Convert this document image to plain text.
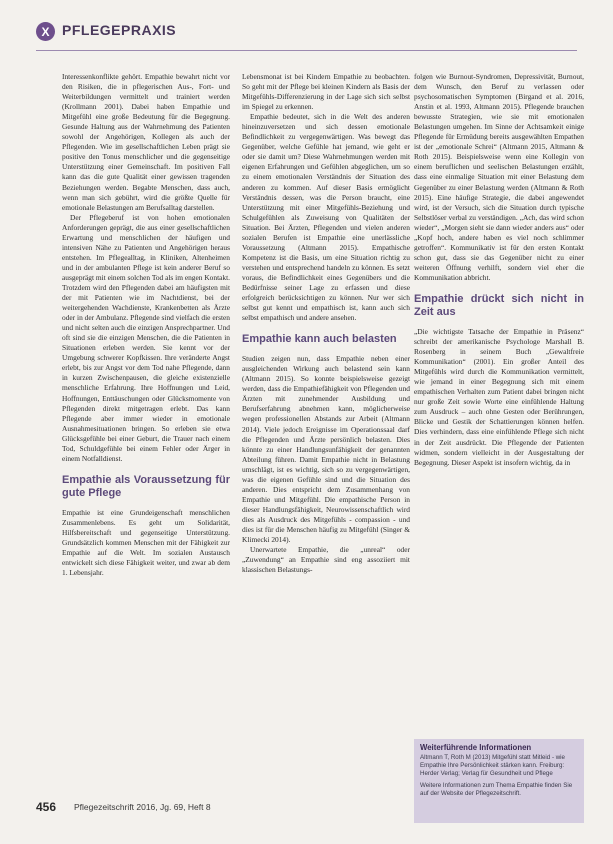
X PFLEGEPRAXIS

Interessenkonflikte gehört. Empathie bewahrt nicht vor den Risiken, die in pflegerischen Aus-, Fort- und Weiterbildungen vermittelt und trainiert werden (Krollmann 2001). Dabei haben Empathie und Mitgefühl eine große Bedeutung für die Begegnung. Gesunde Haltung aus der Wahrnehmung des Patienten sowohl der Angehörigen, Kollegen als auch der Pflegenden. Wie im gesellschaftlichen Leben prägt sie positive den Tonus menschlicher und die gegenseitige Unterstützung einer Gemeinschaft. Im positiven Fall kann das die gute Qualität einer gewissen tragenden Beziehungen werden. Begabte Menschen, dass auch, wenn man sich gebührt, wird die größte Quelle für emotionale Belastungen am Berufsalltag darstellen.

Der Pflegeberuf ist von hohen emotionalen Anforderungen geprägt, die aus einer gesellschaftlichen Erwartung und menschlichen der häufigen und intensiven Nähe zu Patienten und Angehörigen heraus entstehen. Im Pflegealltag, in Kliniken, Altenheimen und in der ambulanten Pflege ist kein anderer Beruf so ausgeprägt mit einem solchen Tod als im engen Kontakt. Trotzdem wird den Pflegenden dabei am häufigsten mit der mit Patienten wie im Nachtdienst, bei der weitergehenden Wachdienste, Krankenbetten als Ärzte oder in der Ambulanz. Pflegende sind vielfach die ersten und nicht selten auch die einzigen Ansprechpartner. Und oft sind sie die einzigen Menschen, die die Patienten in Situationen erleben werden. Sie kennt vor der Umgebung schwerer Kopfkissen. Ihre veränderte Angst erlebt, bis zur Angst vor dem Tod nahe Pflegende, dann in kurzen Zwischenpausen, die gleiche existenzielle menschliche Erfahrung. Ihre Hoffnungen und Leid, Hoffnungen, Enttäuschungen oder Glücksmomente von Pflegenden direkt mitgetragen erlebt. Das kann Pflegende aber immer wieder in emotionale Ausnahmesituationen bringen. So erleben sie etwa Glücksgefühle bei einer Geburt, die Trauer nach einem Tod, Schuldgefühle bei einem Fehler oder Ärger in einem Notfalldienst.

Empathie als Voraussetzung für gute Pflege

Empathie ist eine Grundeigenschaft menschlichen Zusammenlebens. Es geht um Solidarität, Hilfsbereitschaft und gegenseitige Unterstützung. Grundsätzlich kommen Menschen mit der Fähigkeit zur Empathie auf die Welt. Im sozialen Austausch entwickelt sich diese Fähigkeit weiter, und zwar ab dem 1. Lebensjahr.

Lebensmonat ist bei Kindern Empathie zu beobachten. So geht mit der Pflege bei kleinen Kindern als Basis der Mitgefühls-Differenzierung in der Lage sich sich selbst im Spiegel zu erkennen.

Empathie bedeutet, sich in die Welt des anderen hineinzuversetzen und sich dessen emotionale Befindlichkeit zu vergegenwärtigen. Was bewegt das Gegenüber, welche Gefühle hat jemand, wie geht er oder sie damit um? Diese Wahrnehmungen werden mit eigenen Erfahrungen und Gefühlen abgeglichen, um so zu einem emotionalen Verständnis der Situation des anderen zu kommen. Auf dieser Basis ermöglicht Verständnis dessen, was die Person braucht, eine Unterstützung mit einer Mitgefühls-Beziehung und Schulgefühlen als Zuweisung von Qualitäten der Situation. Bei Ärzten, Pflegenden und vielen anderen sozialen Berufen ist Empathie eine unerlässliche Voraussetzung (Altmann 2015). Empathische Kompetenz ist die Basis, um eine Situation richtig zu verstehen und entsprechend handeln zu können. Es setzt voraus, die Befindlichkeit eines Gegenübers und die Bedürfnisse seiner Lage zu erfassen und diese erfolgreich berücksichtigen zu können. Nur wer sich selbst gut kennt und empathisch ist, kann auch sich selbst empathisch und andere ansehen.

Empathie kann auch belasten

Studien zeigen nun, dass Empathie neben einer ausgleichenden Wirkung auch belastend sein kann (Altmann 2015). So konnte beispielsweise gezeigt werden, dass die Empathiefähigkeit von Pflegenden und Ärzten mit zunehmender Ausbildung und Berufserfahrung abnehmen kann, möglicherweise wegen professionellen Abstands zur Arbeit (Altmann 2014). Viele jedoch Ereignisse im Operationssaal darf die Pflegenden und Ärzte persönlich belasten. Dies könnte zu einer Handlungsunfähigkeit der genannten Abteilung führen. Damit Empathie nicht in Belastung umschlägt, ist es wichtig, sich so zu vergegenwärtigen, was die eigenen Gefühle sind und die Situation des anderen. Dies entspricht dem Zusammenhang von Empathie und Mitgefühl. Die empathische Person in dieser Handlungsfähigkeit, Neurowissenschaftlich wird dies als Ausdruck des Mitgefühls - compassion - und dies ist für die Menschen häufig zu Mitgefühl (Singer & Klimecki 2014).

Unerwartete Empathie, die „unreal“ oder „Zuwendung“ an Empathie sind eng assoziiert mit klassischen Belastungs-

folgen wie Burnout-Syndromen, Depressivität, Burnout, dem Wunsch, den Beruf zu verlassen oder psychosomatischen Symptomen (Birgand et al. 2016, Anstin et al. 1993, Altmann 2015). Pflegende brauchen bewusste Strategien, wie sie mit emotionalen Belastungen umgehen. Im Sinne der Achtsamkeit einige Pflegende für Ermüdung bereits ausgewählten Empathen ist der „emotionale Schrei“ (Altmann 2015, Altmann & Roth 2015). Beispielsweise wenn eine Kollegin von einem beruflichen und seelischen Belastungen erzählt, dass eine einmalige Situation mit einer Belastung dem Gegenüber zu einer Belastung werden (Altmann & Roth 2015). Eine häufige Strategie, die dabei angewendet wird, ist der Versuch, sich die Situation durch typische Selbstlöser verbal zu verständigen. „Ach, das wird schon wieder“, „Morgen sieht sie dann wieder anders aus“ oder „Kopf hoch, andere haben es viel noch schlimmer getroffen“. Kommunikativ ist für den ersten Kontakt schon gut, dass sie das Gegenüber nicht zu einer weiteren Öffnung verhilft, sondern viel eher die Kommunikation abbricht.

Empathie drückt sich nicht in Zeit aus

„Die wichtigste Tatsache der Empathie in Präsenz“ schreibt der amerikanische Psychologe Marshall B. Rosenberg in seinem Buch „Gewaltfreie Kommunikation“ (2001). Ein großer Anteil des Mitgefühls wird durch die Kommunikation vermittelt, wie jemand in einer Begegnung sich mit einem empathischen Verhalten zum Patient dabei bringen nicht nur große Zeit sowie Worte eine einfühlende Haltung zum Ausdruck – auch ohne Gesten oder Berührungen, Blicke und Gestik der Schattierungen können helfen. Dies verhindern, dass eine einfühlende Pflege sich nicht in der Zeit ausdrückt. Die Pflegende der Patienten widmen, sondern vielleicht in der Ausgestaltung der Begegnung. Dieser Aspekt ist insofern wichtig, da in

Weiterführende Informationen

Altmann T, Roth M (2013) Mitgefühl statt Mitleid - wie Empathie Ihre Persönlichkeit stärken kann. Freiburg: Herder Verlag; Verlag für Gesundheit und Pflege

Weitere Informationen zum Thema Empathie finden Sie auf der Website der Pflegezeitschrift.

456 Pflegezeitschrift 2016, Jg. 69, Heft 8
